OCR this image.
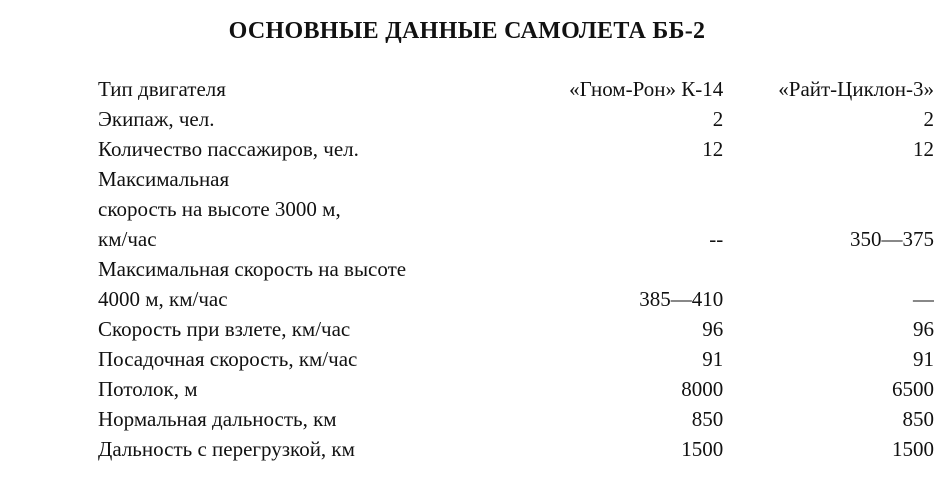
ОСНОВНЫЕ ДАННЫЕ САМОЛЕТА ББ-2
Тип двигателя	«Гном-Рон» К-14	«Райт-Циклон-3»

Экипаж, чел.	2	2

Количество пассажиров, чел.	12	12

Максимальная
скорость на высоте 3000 м,
км/час	--	350—375

Максимальная скорость на высоте
4000 м, км/час	385—410	—

Скорость при взлете, км/час	96	96

Посадочная скорость, км/час	91	91

Потолок, м	8000	6500

Нормальная дальность, км	850	850

Дальность с перегрузкой, км	1500	1500
